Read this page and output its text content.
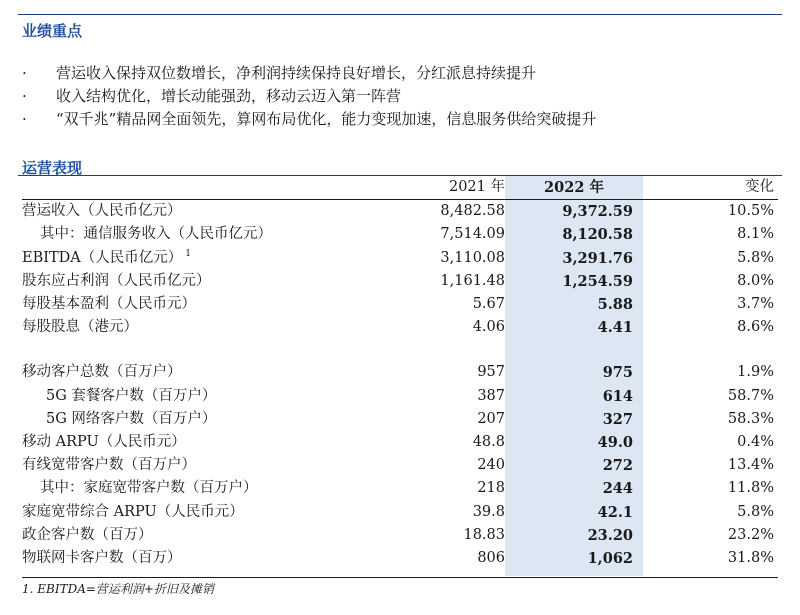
业绩重点
·	营运收入保持双位数增长，净利润持续保持良好增长，分红派息持续提升
·	收入结构优化，增长动能强劲，移动云迈入第一阵营
·	“双千兆”精品网全面领先，算网布局优化，能力变现加速，信息服务供给突破提升
运营表现
	2021 年	2022 年	变化
营运收入（人民币亿元）	8,482.58	9,372.59	10.5%
其中：通信服务收入（人民币亿元）	7,514.09	8,120.58	8.1%
EBITDA（人民币亿元） $^1$	3,110.08	3,291.76	5.8%
股东应占利润（人民币亿元）	1,161.48	1,254.59	8.0%
每股基本盈利（人民币元）	5.67	5.88	3.7%
每股股息（港元）	4.06	4.41	8.6%

移动客户总数（百万户）	957	975	1.9%
5G 套餐客户数（百万户）	387	614	58.7%
5G 网络客户数（百万户）	207	327	58.3%
移动 ARPU（人民币元）	48.8	49.0	0.4%
有线宽带客户数（百万户）	240	272	13.4%
其中：家庭宽带客户数（百万户）	218	244	11.8%
家庭宽带综合 ARPU（人民币元）	39.8	42.1	5.8%
政企客户数（百万）	18.83	23.20	23.2%
物联网卡客户数（百万）	806	1,062	31.8%
1. EBITDA=营运利润+折旧及摊销
